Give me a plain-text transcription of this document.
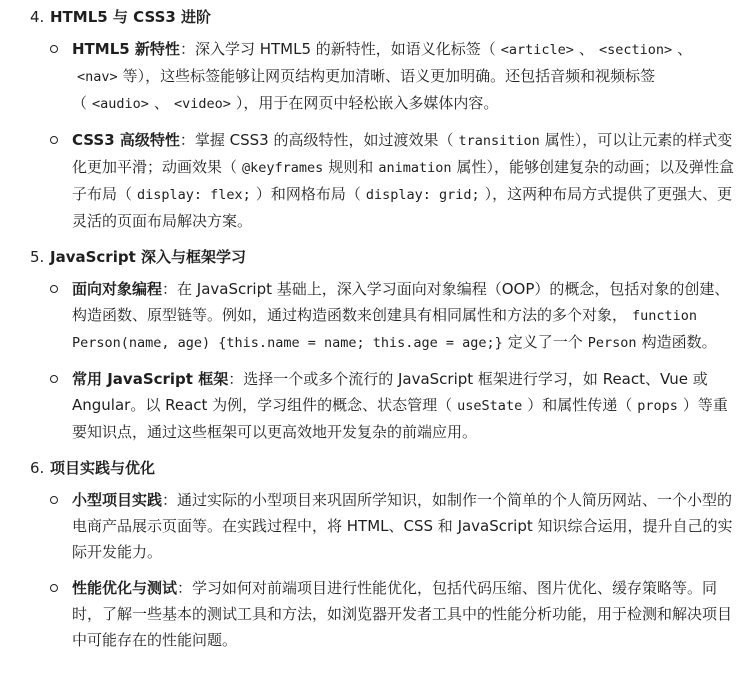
4. HTML5 与 CSS3 进阶
HTML5 新特性：深入学习 HTML5 的新特性，如语义化标签（ <article> 、 <section> 、<nav> 等），这些标签能够让网页结构更加清晰、语义更加明确。还包括音频和视频标签（ <audio> 、 <video> ），用于在网页中轻松嵌入多媒体内容。
CSS3 高级特性：掌握 CSS3 的高级特性，如过渡效果（ transition 属性），可以让元素的样式变化更加平滑；动画效果（ @keyframes 规则和 animation 属性），能够创建复杂的动画；以及弹性盒子布局（ display: flex; ）和网格布局（ display: grid; ），这两种布局方式提供了更强大、更灵活的页面布局解决方案。
5. JavaScript 深入与框架学习
面向对象编程：在 JavaScript 基础上，深入学习面向对象编程（OOP）的概念，包括对象的创建、构造函数、原型链等。例如，通过构造函数来创建具有相同属性和方法的多个对象， function Person(name, age) {this.name = name; this.age = age;} 定义了一个 Person 构造函数。
常用 JavaScript 框架：选择一个或多个流行的 JavaScript 框架进行学习，如 React、Vue 或 Angular。以 React 为例，学习组件的概念、状态管理（ useState ）和属性传递（ props ）等重要知识点，通过这些框架可以更高效地开发复杂的前端应用。
6. 项目实践与优化
小型项目实践：通过实际的小型项目来巩固所学知识，如制作一个简单的个人简历网站、一个小型的电商产品展示页面等。在实践过程中，将 HTML、CSS 和 JavaScript 知识综合运用，提升自己的实际开发能力。
性能优化与测试：学习如何对前端项目进行性能优化，包括代码压缩、图片优化、缓存策略等。同时，了解一些基本的测试工具和方法，如浏览器开发者工具中的性能分析功能，用于检测和解决项目中可能存在的性能问题。
